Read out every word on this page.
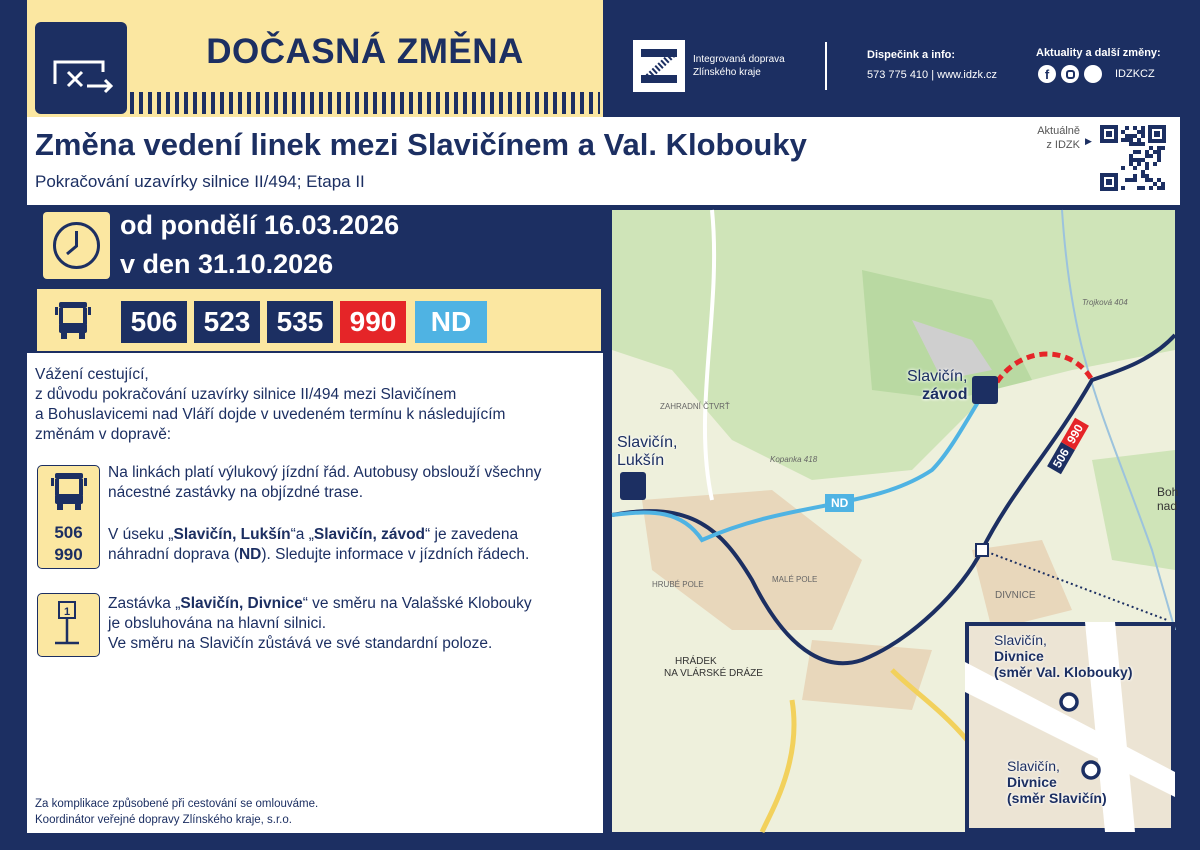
DOČASNÁ ZMĚNA	Integrovaná doprava
Zlínského kraje
Dispečink a info:
573 775 410 | www.idzk.cz
Aktuality a další změny:
f	IDZKCZ
Změna vedení linek mezi Slavičínem a Val. Klobouky
Pokračování uzavírky silnice II/494; Etapa II
Aktuálně
z IDZK ▶
od pondělí 16.03.2026
v den 31.10.2026
506 523 535 990	ND
Vážení cestující,
z důvodu pokračování uzavírky silnice II/494 mezi Slavičínem
a Bohuslavicemi nad Vláří dojde v uvedeném termínu k následujícím
změnám v dopravě:
506
990
Na linkách platí výlukový jízdní řád. Autobusy obslouží všechny
nácestné zastávky na objízdné trase.
V úseku „Slavičín, Lukšín“a „Slavičín, závod“ je zavedena
náhradní doprava (ND). Sledujte informace v jízdních řádech.
1 Zastávka „Slavičín, Divnice“ ve směru na Valašské Klobouky
je obsluhována na hlavní silnici.
Ve směru na Slavičín zůstává ve své standardní poloze.
Za komplikace způsobené při cestování se omlouváme.
Koordinátor veřejné dopravy Zlínského kraje, s.r.o.
ZAHRADNÍ ČTVRŤ
HRUBÉ POLE
MALÉ POLE
Kopanka 418
Trojková 404
DIVNICE
HRÁDEK
NA VLÁRSKÉ DRÁZE
Boh nad
Slavičín,
Lukšín
Slavičín,
závod
ND
506
990
Slavičín,
Divnice
(směr Val. Klobouky)
Slavičín,
Divnice
(směr Slavičín)
